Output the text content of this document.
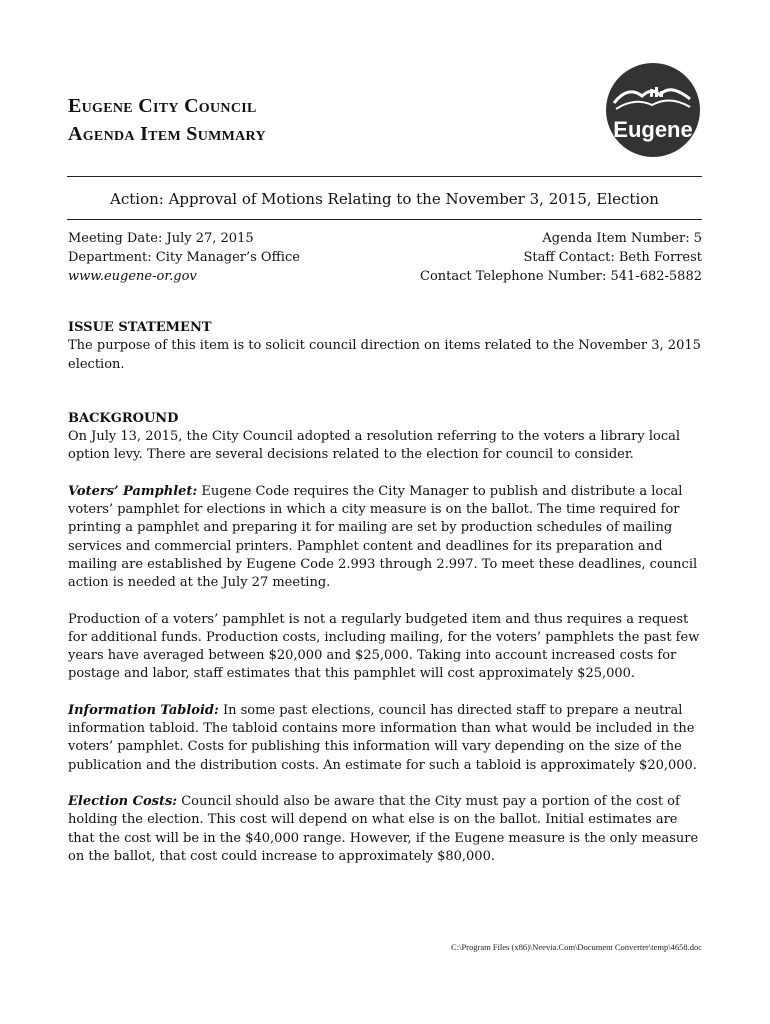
Eugene City Council
Agenda Item Summary	Eugene
Action: Approval of Motions Relating to the November 3, 2015, Election
Meeting Date: July 27, 2015
Department: City Manager’s Office
www.eugene-or.gov
Agenda Item Number: 5
Staff Contact: Beth Forrest
Contact Telephone Number: 541-682-5882
ISSUE STATEMENT

The purpose of this item is to solicit council direction on items related to the November 3, 2015 election.

BACKGROUND

On July 13, 2015, the City Council adopted a resolution referring to the voters a library local option levy. There are several decisions related to the election for council to consider.

Voters’ Pamphlet: Eugene Code requires the City Manager to publish and distribute a local voters’ pamphlet for elections in which a city measure is on the ballot. The time required for printing a pamphlet and preparing it for mailing are set by production schedules of mailing services and commercial printers. Pamphlet content and deadlines for its preparation and mailing are established by Eugene Code 2.993 through 2.997. To meet these deadlines, council action is needed at the July 27 meeting.

Production of a voters’ pamphlet is not a regularly budgeted item and thus requires a request for additional funds. Production costs, including mailing, for the voters’ pamphlets the past few years have averaged between $20,000 and $25,000. Taking into account increased costs for postage and labor, staff estimates that this pamphlet will cost approximately $25,000.

Information Tabloid: In some past elections, council has directed staff to prepare a neutral information tabloid. The tabloid contains more information than what would be included in the voters’ pamphlet. Costs for publishing this information will vary depending on the size of the publication and the distribution costs. An estimate for such a tabloid is approximately $20,000.

Election Costs: Council should also be aware that the City must pay a portion of the cost of holding the election. This cost will depend on what else is on the ballot. Initial estimates are that the cost will be in the $40,000 range. However, if the Eugene measure is the only measure on the ballot, that cost could increase to approximately $80,000.

C:\Program Files (x86)\Neevia.Com\Document Converter\temp\4658.doc
